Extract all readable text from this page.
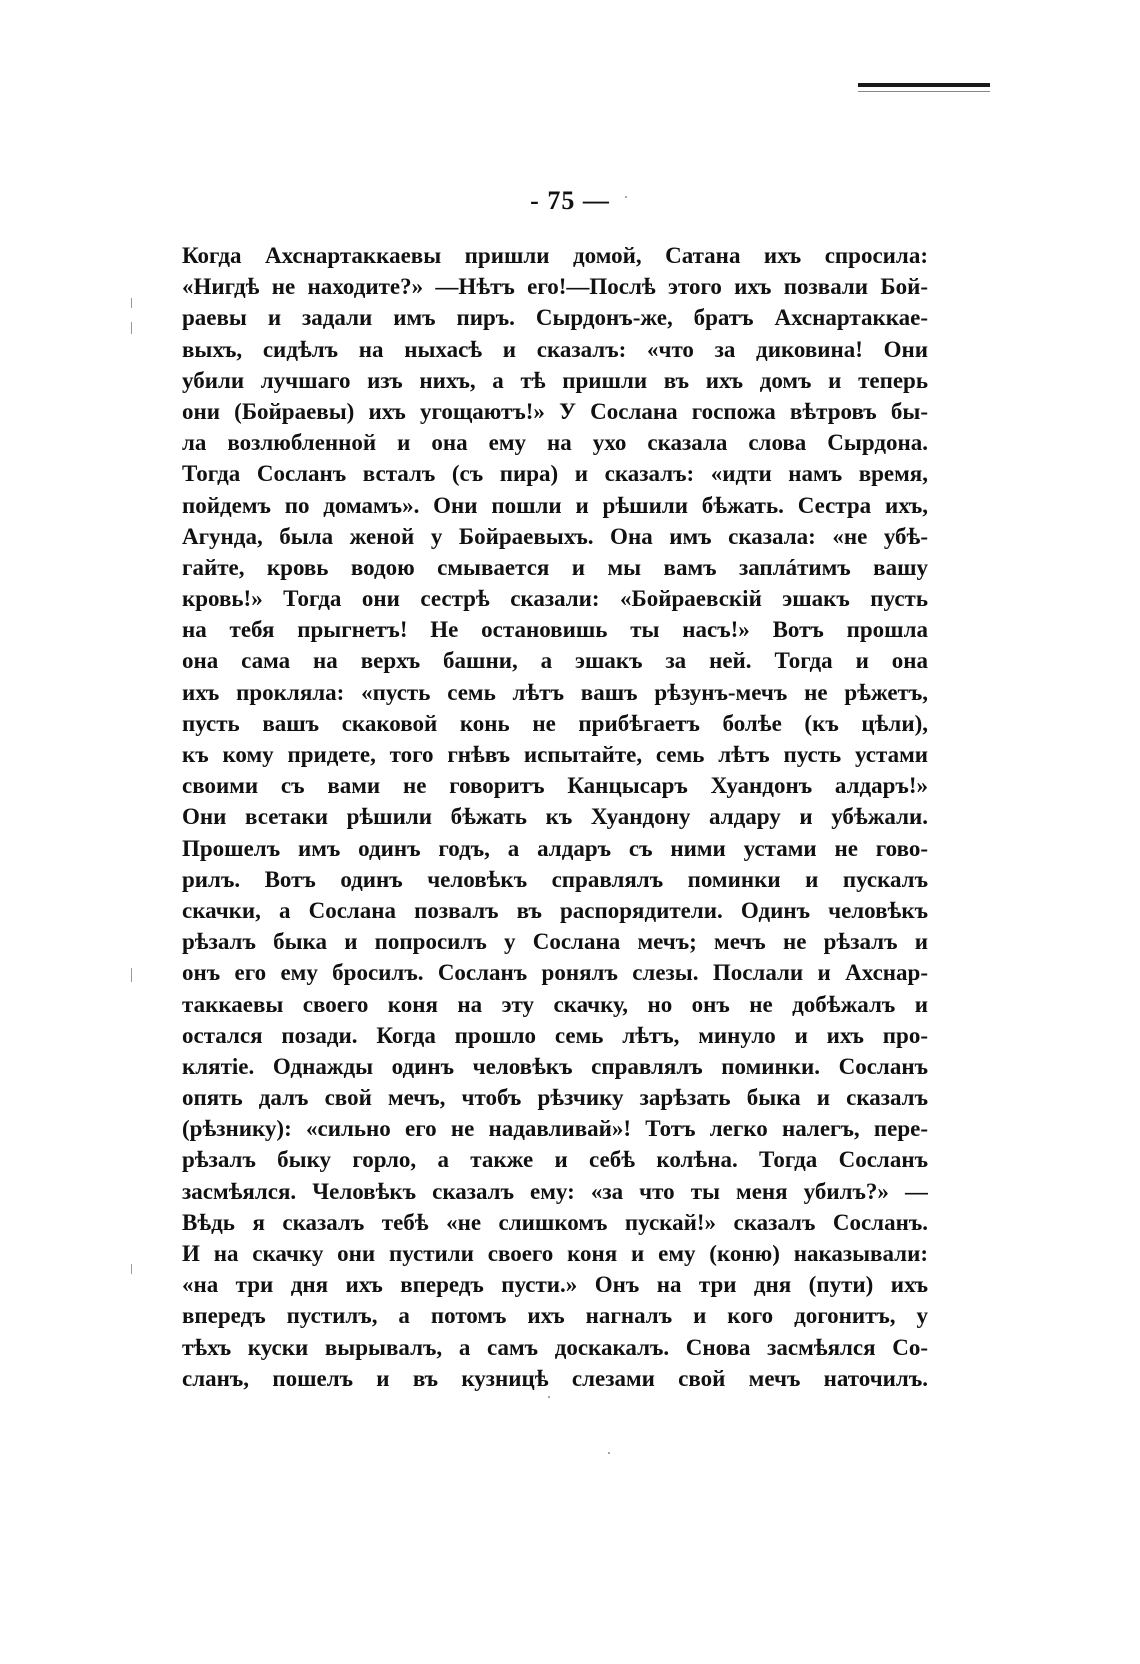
- 75 —
Когда Ахснартаккаевы пришли домой, Сатана ихъ спросила:
«Нигдѣ не находите?» —Нѣтъ его!—Послѣ этого ихъ позвали Бой-
раевы и задали имъ пиръ. Сырдонъ-же, братъ Ахснартаккае-
выхъ, сидѣлъ на ныхасѣ и сказалъ: «что за диковина! Они
убили лучшаго изъ нихъ, а тѣ пришли въ ихъ домъ и теперь
они (Бойраевы) ихъ угощаютъ!» У Сослана госпожа вѣтровъ бы-
ла возлюбленной и она ему на ухо сказала слова Сырдона.
Тогда Сосланъ всталъ (съ пира) и сказалъ: «идти намъ время,
пойдемъ по домамъ». Они пошли и рѣшили бѣжать. Сестра ихъ,
Агунда, была женой у Бойраевыхъ. Она имъ сказала: «не убѣ-
гайте, кровь водою смывается и мы вамъ заплáтимъ вашу
кровь!» Тогда они сестрѣ сказали: «Бойраевскій эшакъ пусть
на тебя прыгнетъ! Не остановишь ты насъ!» Вотъ прошла
она сама на верхъ башни, а эшакъ за ней. Тогда и она
ихъ прокляла: «пусть семь лѣтъ вашъ рѣзунъ-мечъ не рѣжетъ,
пусть вашъ скаковой конь не прибѣгаетъ болѣе (къ цѣли),
къ кому придете, того гнѣвъ испытайте, семь лѣтъ пусть устами
своими съ вами не говоритъ Канцысаръ Хуандонъ алдаръ!»
Они всетаки рѣшили бѣжать къ Хуандону алдару и убѣжали.
Прошелъ имъ одинъ годъ, а алдаръ съ ними устами не гово-
рилъ. Вотъ одинъ человѣкъ справлялъ поминки и пускалъ
скачки, а Сослана позвалъ въ распорядители. Одинъ человѣкъ
рѣзалъ быка и попросилъ у Сослана мечъ; мечъ не рѣзалъ и
онъ его ему бросилъ. Сосланъ ронялъ слезы. Послали и Ахснар-
таккаевы своего коня на эту скачку, но онъ не добѣжалъ и
остался позади. Когда прошло семь лѣтъ, минуло и ихъ про-
клятіе. Однажды одинъ человѣкъ справлялъ поминки. Сосланъ
опять далъ свой мечъ, чтобъ рѣзчику зарѣзать быка и сказалъ
(рѣзнику): «сильно его не надавливай»! Тотъ легко налегъ, пере-
рѣзалъ быку горло, а также и себѣ колѣна. Тогда Сосланъ
засмѣялся. Человѣкъ сказалъ ему: «за что ты меня убилъ?» —
Вѣдь я сказалъ тебѣ «не слишкомъ пускай!» сказалъ Сосланъ.
И на скачку они пустили своего коня и ему (коню) наказывали:
«на три дня ихъ впередъ пусти.» Онъ на три дня (пути) ихъ
впередъ пустилъ, а потомъ ихъ нагналъ и кого догонитъ, у
тѣхъ куски вырывалъ, а самъ доскакалъ. Снова засмѣялся Со-
сланъ, пошелъ и въ кузницѣ слезами свой мечъ наточилъ.
